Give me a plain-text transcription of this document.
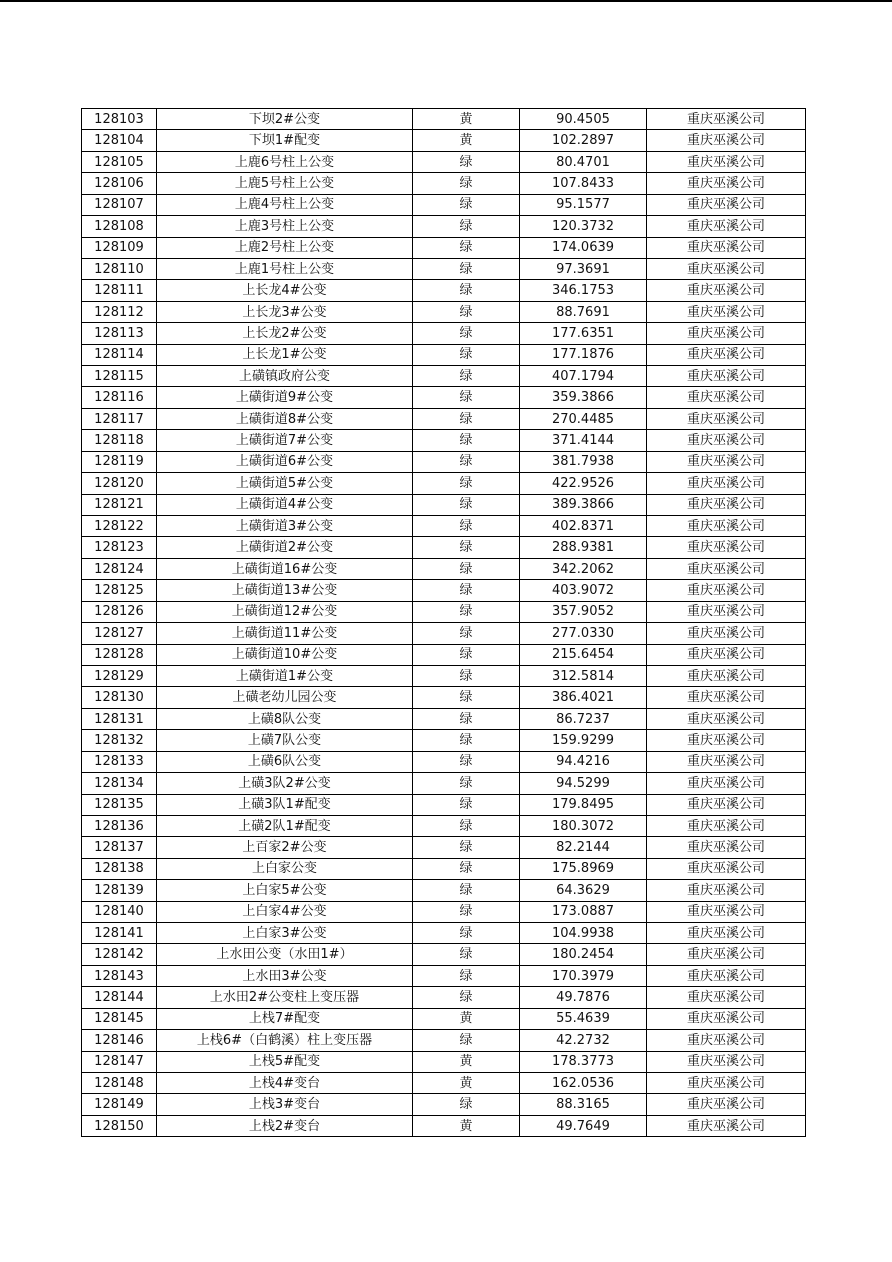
128103	下坝2#公变	黄	90.4505	重庆巫溪公司
128104	下坝1#配变	黄	102.2897	重庆巫溪公司
128105	上鹿6号柱上公变	绿	80.4701	重庆巫溪公司
128106	上鹿5号柱上公变	绿	107.8433	重庆巫溪公司
128107	上鹿4号柱上公变	绿	95.1577	重庆巫溪公司
128108	上鹿3号柱上公变	绿	120.3732	重庆巫溪公司
128109	上鹿2号柱上公变	绿	174.0639	重庆巫溪公司
128110	上鹿1号柱上公变	绿	97.3691	重庆巫溪公司
128111	上长龙4#公变	绿	346.1753	重庆巫溪公司
128112	上长龙3#公变	绿	88.7691	重庆巫溪公司
128113	上长龙2#公变	绿	177.6351	重庆巫溪公司
128114	上长龙1#公变	绿	177.1876	重庆巫溪公司
128115	上磺镇政府公变	绿	407.1794	重庆巫溪公司
128116	上磺街道9#公变	绿	359.3866	重庆巫溪公司
128117	上磺街道8#公变	绿	270.4485	重庆巫溪公司
128118	上磺街道7#公变	绿	371.4144	重庆巫溪公司
128119	上磺街道6#公变	绿	381.7938	重庆巫溪公司
128120	上磺街道5#公变	绿	422.9526	重庆巫溪公司
128121	上磺街道4#公变	绿	389.3866	重庆巫溪公司
128122	上磺街道3#公变	绿	402.8371	重庆巫溪公司
128123	上磺街道2#公变	绿	288.9381	重庆巫溪公司
128124	上磺街道16#公变	绿	342.2062	重庆巫溪公司
128125	上磺街道13#公变	绿	403.9072	重庆巫溪公司
128126	上磺街道12#公变	绿	357.9052	重庆巫溪公司
128127	上磺街道11#公变	绿	277.0330	重庆巫溪公司
128128	上磺街道10#公变	绿	215.6454	重庆巫溪公司
128129	上磺街道1#公变	绿	312.5814	重庆巫溪公司
128130	上磺老幼儿园公变	绿	386.4021	重庆巫溪公司
128131	上磺8队公变	绿	86.7237	重庆巫溪公司
128132	上磺7队公变	绿	159.9299	重庆巫溪公司
128133	上磺6队公变	绿	94.4216	重庆巫溪公司
128134	上磺3队2#公变	绿	94.5299	重庆巫溪公司
128135	上磺3队1#配变	绿	179.8495	重庆巫溪公司
128136	上磺2队1#配变	绿	180.3072	重庆巫溪公司
128137	上百家2#公变	绿	82.2144	重庆巫溪公司
128138	上白家公变	绿	175.8969	重庆巫溪公司
128139	上白家5#公变	绿	64.3629	重庆巫溪公司
128140	上白家4#公变	绿	173.0887	重庆巫溪公司
128141	上白家3#公变	绿	104.9938	重庆巫溪公司
128142	上水田公变（水田1#）	绿	180.2454	重庆巫溪公司
128143	上水田3#公变	绿	170.3979	重庆巫溪公司
128144	上水田2#公变柱上变压器	绿	49.7876	重庆巫溪公司
128145	上栈7#配变	黄	55.4639	重庆巫溪公司
128146	上栈6#（白鹤溪）柱上变压器	绿	42.2732	重庆巫溪公司
128147	上栈5#配变	黄	178.3773	重庆巫溪公司
128148	上栈4#变台	黄	162.0536	重庆巫溪公司
128149	上栈3#变台	绿	88.3165	重庆巫溪公司
128150	上栈2#变台	黄	49.7649	重庆巫溪公司
